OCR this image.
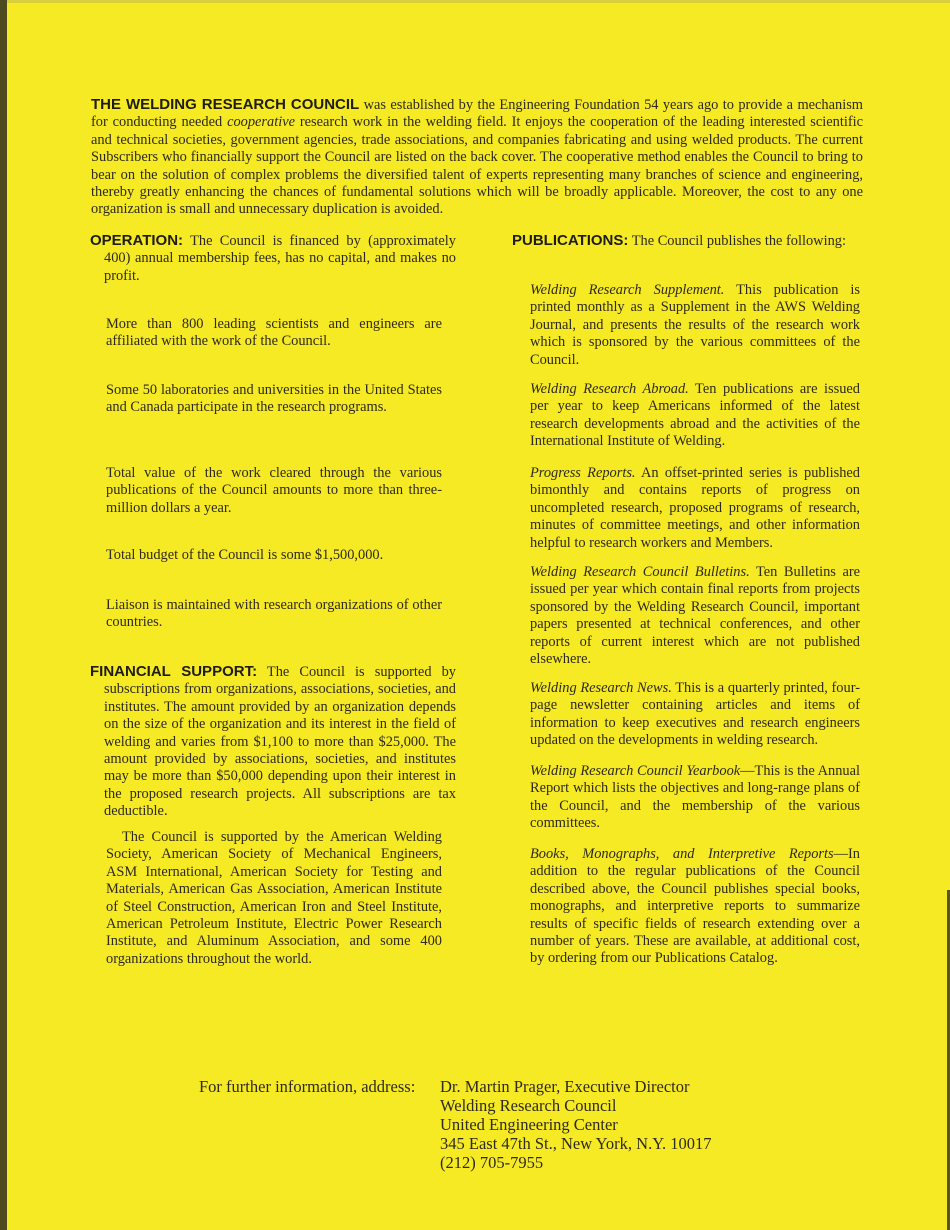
THE WELDING RESEARCH COUNCIL was established by the Engineering Foundation 54 years ago to provide a mechanism for conducting needed cooperative research work in the welding field. It enjoys the cooperation of the leading interested scientific and technical societies, government agencies, trade associations, and companies fabricating and using welded products. The current Subscribers who financially support the Council are listed on the back cover. The cooperative method enables the Council to bring to bear on the solution of complex problems the diversified talent of experts representing many branches of science and engineering, thereby greatly enhancing the chances of fundamental solutions which will be broadly applicable. Moreover, the cost to any one organization is small and unnecessary duplication is avoided.
OPERATION: The Council is financed by (approximately 400) annual membership fees, has no capital, and makes no profit.
More than 800 leading scientists and engineers are affiliated with the work of the Council.
Some 50 laboratories and universities in the United States and Canada participate in the research programs.
Total value of the work cleared through the various publications of the Council amounts to more than three-million dollars a year.
Total budget of the Council is some $1,500,000.
Liaison is maintained with research organizations of other countries.
FINANCIAL SUPPORT: The Council is supported by subscriptions from organizations, associations, societies, and institutes. The amount provided by an organization depends on the size of the organization and its interest in the field of welding and varies from $1,100 to more than $25,000. The amount provided by associations, societies, and institutes may be more than $50,000 depending upon their interest in the proposed research projects. All subscriptions are tax deductible.
The Council is supported by the American Welding Society, American Society of Mechanical Engineers, ASM International, American Society for Testing and Materials, American Gas Association, American Institute of Steel Construction, American Iron and Steel Institute, American Petroleum Institute, Electric Power Research Institute, and Aluminum Association, and some 400 organizations throughout the world.
PUBLICATIONS: The Council publishes the following:
Welding Research Supplement. This publication is printed monthly as a Supplement in the AWS Welding Journal, and presents the results of the research work which is sponsored by the various committees of the Council.
Welding Research Abroad. Ten publications are issued per year to keep Americans informed of the latest research developments abroad and the activities of the International Institute of Welding.
Progress Reports. An offset-printed series is published bimonthly and contains reports of progress on uncompleted research, proposed programs of research, minutes of committee meetings, and other information helpful to research workers and Members.
Welding Research Council Bulletins. Ten Bulletins are issued per year which contain final reports from projects sponsored by the Welding Research Council, important papers presented at technical conferences, and other reports of current interest which are not published elsewhere.
Welding Research News. This is a quarterly printed, four-page newsletter containing articles and items of information to keep executives and research engineers updated on the developments in welding research.
Welding Research Council Yearbook—This is the Annual Report which lists the objectives and long-range plans of the Council, and the membership of the various committees.
Books, Monographs, and Interpretive Reports—In addition to the regular publications of the Council described above, the Council publishes special books, monographs, and interpretive reports to summarize results of specific fields of research extending over a number of years. These are available, at additional cost, by ordering from our Publications Catalog.
For further information, address: Dr. Martin Prager, Executive Director
Welding Research Council
United Engineering Center
345 East 47th St., New York, N.Y. 10017
(212) 705-7955
